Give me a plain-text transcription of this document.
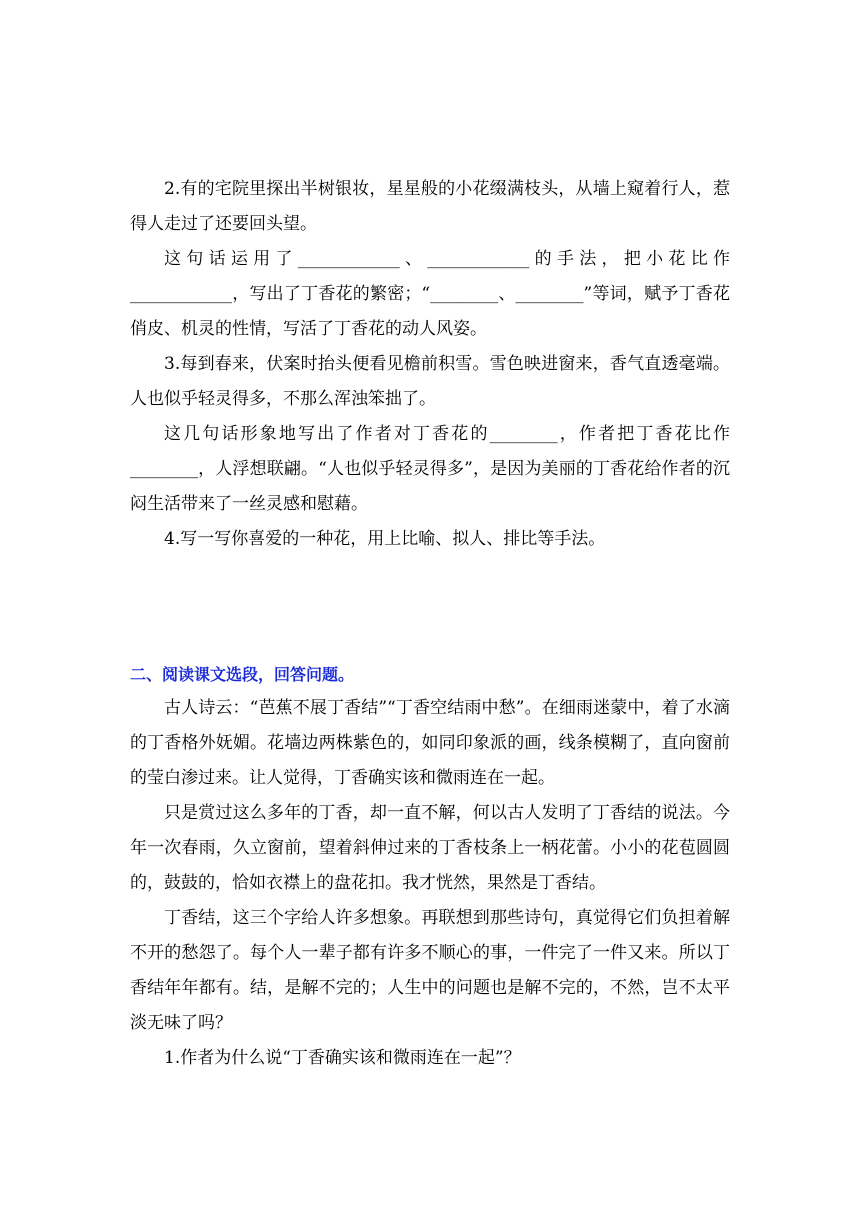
2.有的宅院里探出半树银妆，星星般的小花缀满枝头，从墙上窥着行人，惹得人走过了还要回头望。

这句话运用了____________、____________的手法，把小花比作____________，写出了丁香花的繁密；“________、________”等词，赋予丁香花俏皮、机灵的性情，写活了丁香花的动人风姿。

3.每到春来，伏案时抬头便看见檐前积雪。雪色映进窗来，香气直透毫端。人也似乎轻灵得多，不那么浑浊笨拙了。

这几句话形象地写出了作者对丁香花的________，作者把丁香花比作________，人浮想联翩。“人也似乎轻灵得多”，是因为美丽的丁香花给作者的沉闷生活带来了一丝灵感和慰藉。

4.写一写你喜爱的一种花，用上比喻、拟人、排比等手法。

二、阅读课文选段，回答问题。

古人诗云：“芭蕉不展丁香结”“丁香空结雨中愁”。在细雨迷蒙中，着了水滴的丁香格外妩媚。花墙边两株紫色的，如同印象派的画，线条模糊了，直向窗前的莹白渗过来。让人觉得，丁香确实该和微雨连在一起。

只是赏过这么多年的丁香，却一直不解，何以古人发明了丁香结的说法。今年一次春雨，久立窗前，望着斜伸过来的丁香枝条上一柄花蕾。小小的花苞圆圆的，鼓鼓的，恰如衣襟上的盘花扣。我才恍然，果然是丁香结。

丁香结，这三个字给人许多想象。再联想到那些诗句，真觉得它们负担着解不开的愁怨了。每个人一辈子都有许多不顺心的事，一件完了一件又来。所以丁香结年年都有。结，是解不完的；人生中的问题也是解不完的，不然，岂不太平淡无味了吗？

1.作者为什么说“丁香确实该和微雨连在一起”？
